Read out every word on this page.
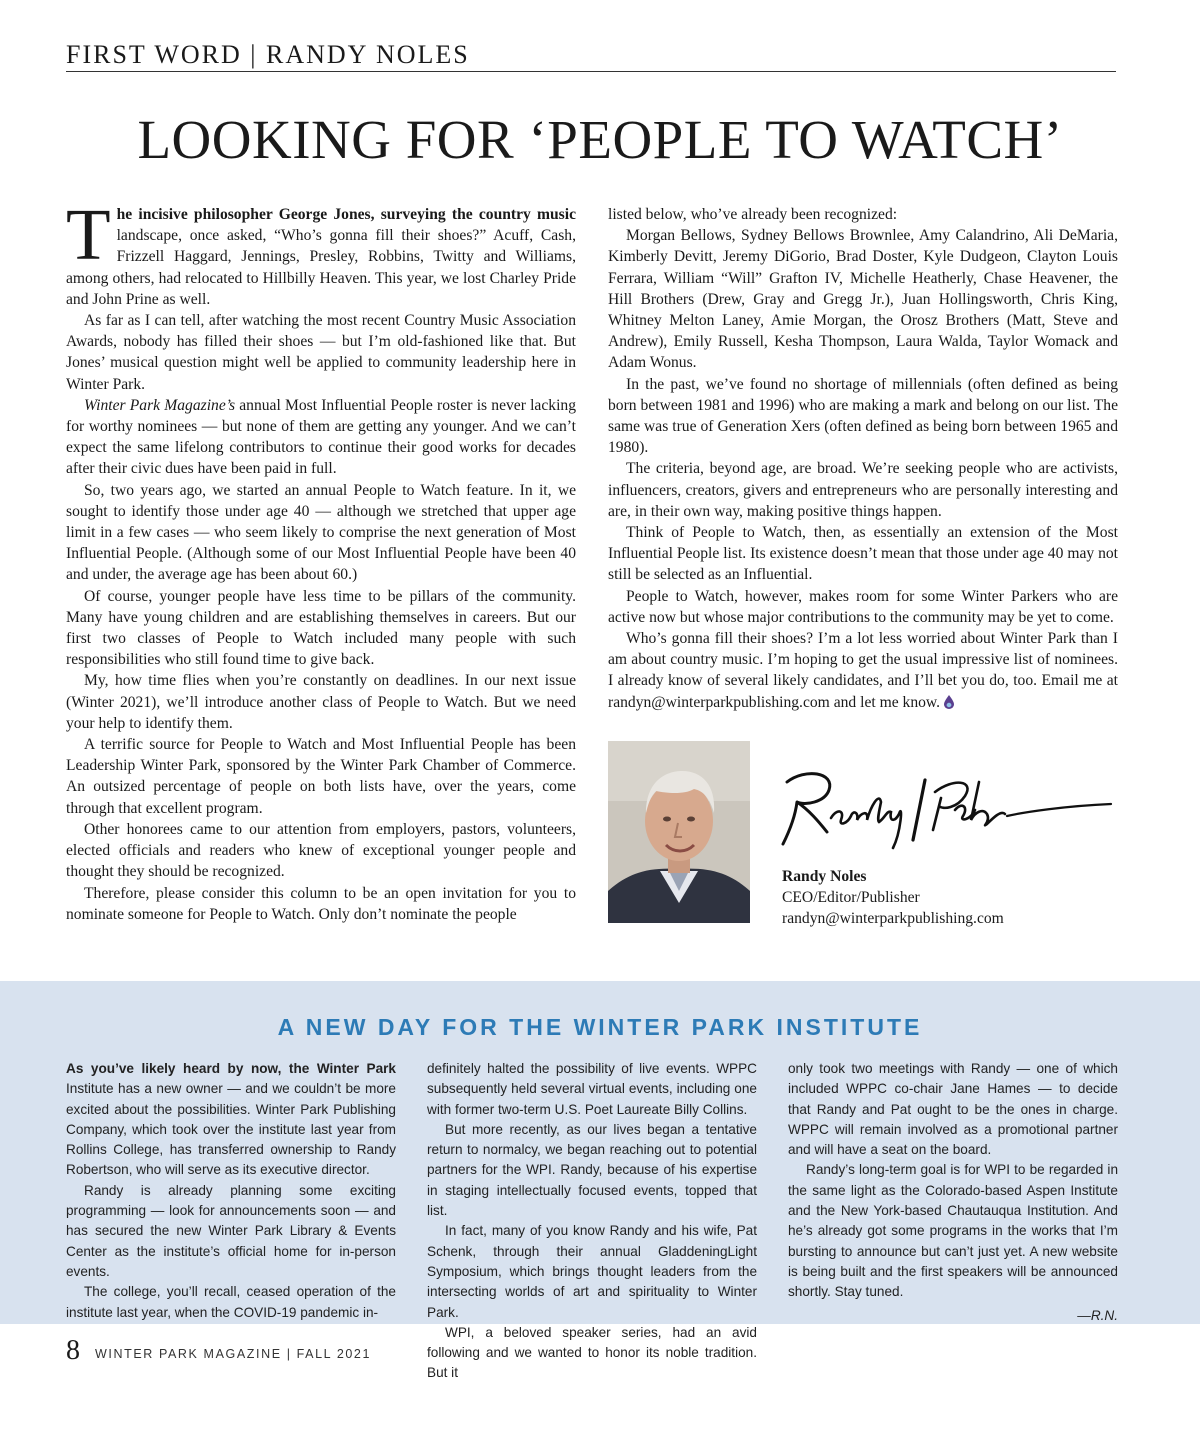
FIRST WORD | RANDY NOLES
LOOKING FOR ‘PEOPLE TO WATCH’

The incisive philosopher George Jones, surveying the country music landscape, once asked, “Who’s gonna fill their shoes?” Acuff, Cash, Frizzell Haggard, Jennings, Presley, Robbins, Twitty and Williams, among others, had relocated to Hillbilly Heaven. This year, we lost Charley Pride and John Prine as well.

As far as I can tell, after watching the most recent Country Music Association Awards, nobody has filled their shoes — but I’m old-fashioned like that. But Jones’ musical question might well be applied to community leadership here in Winter Park.

Winter Park Magazine’s annual Most Influential People roster is never lacking for worthy nominees — but none of them are getting any younger. And we can’t expect the same lifelong contributors to continue their good works for decades after their civic dues have been paid in full.

So, two years ago, we started an annual People to Watch feature. In it, we sought to identify those under age 40 — although we stretched that upper age limit in a few cases — who seem likely to comprise the next generation of Most Influential People. (Although some of our Most Influential People have been 40 and under, the average age has been about 60.)

Of course, younger people have less time to be pillars of the community. Many have young children and are establishing themselves in careers. But our first two classes of People to Watch included many people with such responsibilities who still found time to give back.

My, how time flies when you’re constantly on deadlines. In our next issue (Winter 2021), we’ll introduce another class of People to Watch. But we need your help to identify them.

A terrific source for People to Watch and Most Influential People has been Leadership Winter Park, sponsored by the Winter Park Chamber of Commerce. An outsized percentage of people on both lists have, over the years, come through that excellent program.

Other honorees came to our attention from employers, pastors, volunteers, elected officials and readers who knew of exceptional younger people and thought they should be recognized.

Therefore, please consider this column to be an open invitation for you to nominate someone for People to Watch. Only don’t nominate the people

listed below, who’ve already been recognized:

Morgan Bellows, Sydney Bellows Brownlee, Amy Calandrino, Ali DeMaria, Kimberly Devitt, Jeremy DiGorio, Brad Doster, Kyle Dudgeon, Clayton Louis Ferrara, William “Will” Grafton IV, Michelle Heatherly, Chase Heavener, the Hill Brothers (Drew, Gray and Gregg Jr.), Juan Hollingsworth, Chris King, Whitney Melton Laney, Amie Morgan, the Orosz Brothers (Matt, Steve and Andrew), Emily Russell, Kesha Thompson, Laura Walda, Taylor Womack and Adam Wonus.

In the past, we’ve found no shortage of millennials (often defined as being born between 1981 and 1996) who are making a mark and belong on our list. The same was true of Generation Xers (often defined as being born between 1965 and 1980).

The criteria, beyond age, are broad. We’re seeking people who are activists, influencers, creators, givers and entrepreneurs who are personally interesting and are, in their own way, making positive things happen.

Think of People to Watch, then, as essentially an extension of the Most Influential People list. Its existence doesn’t mean that those under age 40 may not still be selected as an Influential.

People to Watch, however, makes room for some Winter Parkers who are active now but whose major contributions to the community may be yet to come.

Who’s gonna fill their shoes? I’m a lot less worried about Winter Park than I am about country music. I’m hoping to get the usual impressive list of nominees. I already know of several likely candidates, and I’ll bet you do, too. Email me at randyn@winterparkpublishing.com and let me know.

Randy Noles
CEO/Editor/Publisher
randyn@winterparkpublishing.com
A NEW DAY FOR THE WINTER PARK INSTITUTE

As you’ve likely heard by now, the Winter Park Institute has a new owner — and we couldn’t be more excited about the possibilities. Winter Park Publishing Company, which took over the institute last year from Rollins College, has transferred ownership to Randy Robertson, who will serve as its executive director.

Randy is already planning some exciting programming — look for announcements soon — and has secured the new Winter Park Library & Events Center as the institute’s official home for in-person events.

The college, you’ll recall, ceased operation of the institute last year, when the COVID-19 pandemic in-

definitely halted the possibility of live events. WPPC subsequently held several virtual events, including one with former two-term U.S. Poet Laureate Billy Collins.

But more recently, as our lives began a tentative return to normalcy, we began reaching out to potential partners for the WPI. Randy, because of his expertise in staging intellectually focused events, topped that list.

In fact, many of you know Randy and his wife, Pat Schenk, through their annual GladdeningLight Symposium, which brings thought leaders from the intersecting worlds of art and spirituality to Winter Park.

WPI, a beloved speaker series, had an avid following and we wanted to honor its noble tradition. But it

only took two meetings with Randy — one of which included WPPC co-chair Jane Hames — to decide that Randy and Pat ought to be the ones in charge. WPPC will remain involved as a promotional partner and will have a seat on the board.

Randy’s long-term goal is for WPI to be regarded in the same light as the Colorado-based Aspen Institute and the New York-based Chautauqua Institution. And he’s already got some programs in the works that I’m bursting to announce but can’t just yet. A new website is being built and the first speakers will be announced shortly. Stay tuned.

—R.N.

8 WINTER PARK MAGAZINE | FALL 2021
